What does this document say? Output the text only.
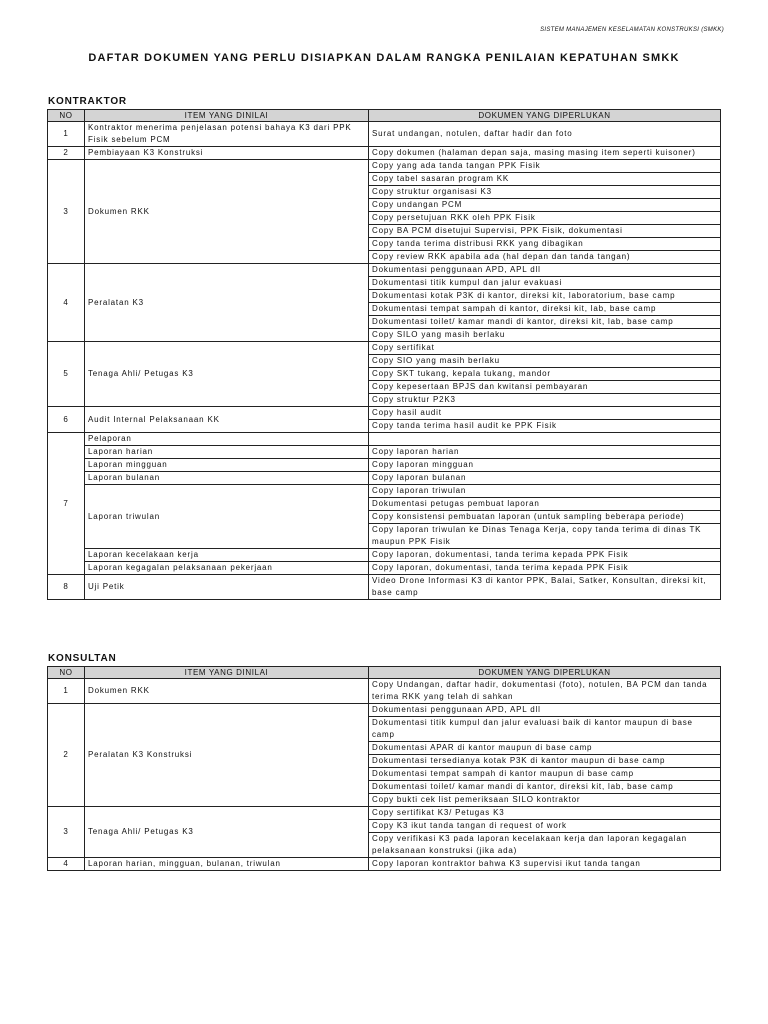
SISTEM MANAJEMEN KESELAMATAN KONSTRUKSI (SMKK)
DAFTAR DOKUMEN YANG PERLU DISIAPKAN DALAM RANGKA PENILAIAN KEPATUHAN SMKK
KONTRAKTOR
NO	ITEM YANG DINILAI	DOKUMEN YANG DIPERLUKAN
1	Kontraktor menerima penjelasan potensi bahaya K3 dari PPK Fisik sebelum PCM	Surat undangan, notulen, daftar hadir dan foto
2	Pembiayaan K3 Konstruksi	Copy dokumen (halaman depan saja, masing masing item seperti kuisoner)
3	Dokumen RKK	Copy yang ada tanda tangan PPK Fisik
		Copy tabel sasaran program KK
		Copy struktur organisasi K3
		Copy undangan PCM
		Copy persetujuan RKK oleh PPK Fisik
		Copy BA PCM disetujui Supervisi, PPK Fisik, dokumentasi
		Copy tanda terima distribusi RKK yang dibagikan
		Copy review RKK apabila ada (hal depan dan tanda tangan)
4	Peralatan K3	Dokumentasi penggunaan APD, APL dll
		Dokumentasi titik kumpul dan jalur evakuasi
		Dokumentasi kotak P3K di kantor, direksi kit, laboratorium, base camp
		Dokumentasi tempat sampah di kantor, direksi kit, lab, base camp
		Dokumentasi toilet/ kamar mandi di kantor, direksi kit, lab, base camp
		Copy SILO yang masih berlaku
5	Tenaga Ahli/ Petugas K3	Copy sertifikat
		Copy SIO yang masih berlaku
		Copy SKT tukang, kepala tukang, mandor
		Copy kepesertaan BPJS dan kwitansi pembayaran
		Copy struktur P2K3
6	Audit Internal Pelaksanaan KK	Copy hasil audit
		Copy tanda terima hasil audit ke PPK Fisik
7	Pelaporan	
	Laporan harian	Copy laporan harian
	Laporan mingguan	Copy laporan mingguan
	Laporan bulanan	Copy laporan bulanan
	Laporan triwulan	Copy laporan triwulan
		Dokumentasi petugas pembuat laporan
		Copy konsistensi pembuatan laporan (untuk sampling beberapa periode)
		Copy laporan triwulan ke Dinas Tenaga Kerja, copy tanda terima di dinas TK maupun PPK Fisik
	Laporan kecelakaan kerja	Copy laporan, dokumentasi, tanda terima kepada PPK Fisik
	Laporan kegagalan pelaksanaan pekerjaan	Copy laporan, dokumentasi, tanda terima kepada PPK Fisik
8	Uji Petik	Video Drone Informasi K3 di kantor PPK, Balai, Satker, Konsultan, direksi kit, base camp
KONSULTAN
NO	ITEM YANG DINILAI	DOKUMEN YANG DIPERLUKAN
1	Dokumen RKK	Copy Undangan, daftar hadir, dokumentasi (foto), notulen, BA PCM dan tanda terima RKK yang telah di sahkan
2	Peralatan K3 Konstruksi	Dokumentasi penggunaan APD, APL dll
		Dokumentasi titik kumpul dan jalur evaluasi baik di kantor maupun di base camp
		Dokumentasi APAR di kantor maupun di base camp
		Dokumentasi tersedianya kotak P3K di kantor maupun di base camp
		Dokumentasi tempat sampah di kantor maupun di base camp
		Dokumentasi toilet/ kamar mandi di kantor, direksi kit, lab, base camp
		Copy bukti cek list pemeriksaan SILO kontraktor
3	Tenaga Ahli/ Petugas K3	Copy sertifikat K3/ Petugas K3
		Copy K3 ikut tanda tangan di request of work
		Copy verifikasi K3 pada laporan kecelakaan kerja dan laporan kegagalan pelaksanaan konstruksi (jika ada)
4	Laporan harian, mingguan, bulanan, triwulan	Copy laporan kontraktor bahwa K3 supervisi ikut tanda tangan
